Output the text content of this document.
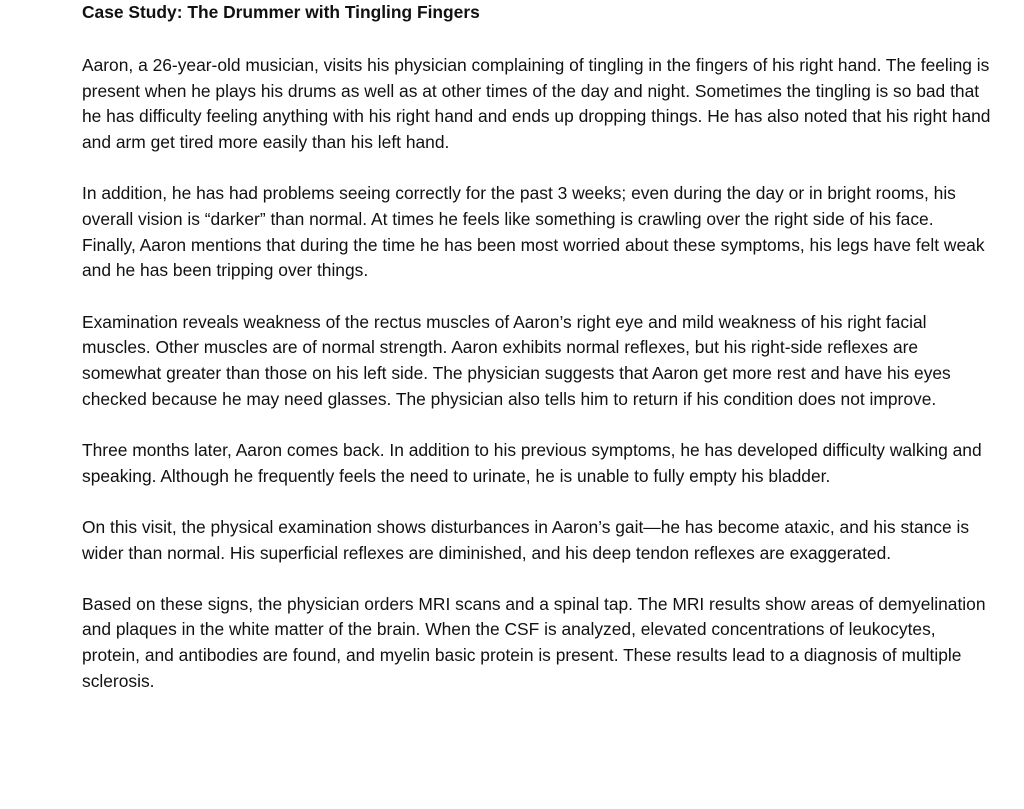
Case Study: The Drummer with Tingling Fingers

Aaron, a 26-year-old musician, visits his physician complaining of tingling in the fingers of his right hand. The feeling is present when he plays his drums as well as at other times of the day and night. Sometimes the tingling is so bad that he has difficulty feeling anything with his right hand and ends up dropping things. He has also noted that his right hand and arm get tired more easily than his left hand.

In addition, he has had problems seeing correctly for the past 3 weeks; even during the day or in bright rooms, his overall vision is “darker” than normal. At times he feels like something is crawling over the right side of his face. Finally, Aaron mentions that during the time he has been most worried about these symptoms, his legs have felt weak and he has been tripping over things.

Examination reveals weakness of the rectus muscles of Aaron’s right eye and mild weakness of his right facial muscles. Other muscles are of normal strength. Aaron exhibits normal reflexes, but his right-side reflexes are somewhat greater than those on his left side. The physician suggests that Aaron get more rest and have his eyes checked because he may need glasses. The physician also tells him to return if his condition does not improve.

Three months later, Aaron comes back. In addition to his previous symptoms, he has developed difficulty walking and speaking. Although he frequently feels the need to urinate, he is unable to fully empty his bladder.

On this visit, the physical examination shows disturbances in Aaron’s gait—he has become ataxic, and his stance is wider than normal. His superficial reflexes are diminished, and his deep tendon reflexes are exaggerated.

Based on these signs, the physician orders MRI scans and a spinal tap. The MRI results show areas of demyelination and plaques in the white matter of the brain. When the CSF is analyzed, elevated concentrations of leukocytes, protein, and antibodies are found, and myelin basic protein is present. These results lead to a diagnosis of multiple sclerosis.
